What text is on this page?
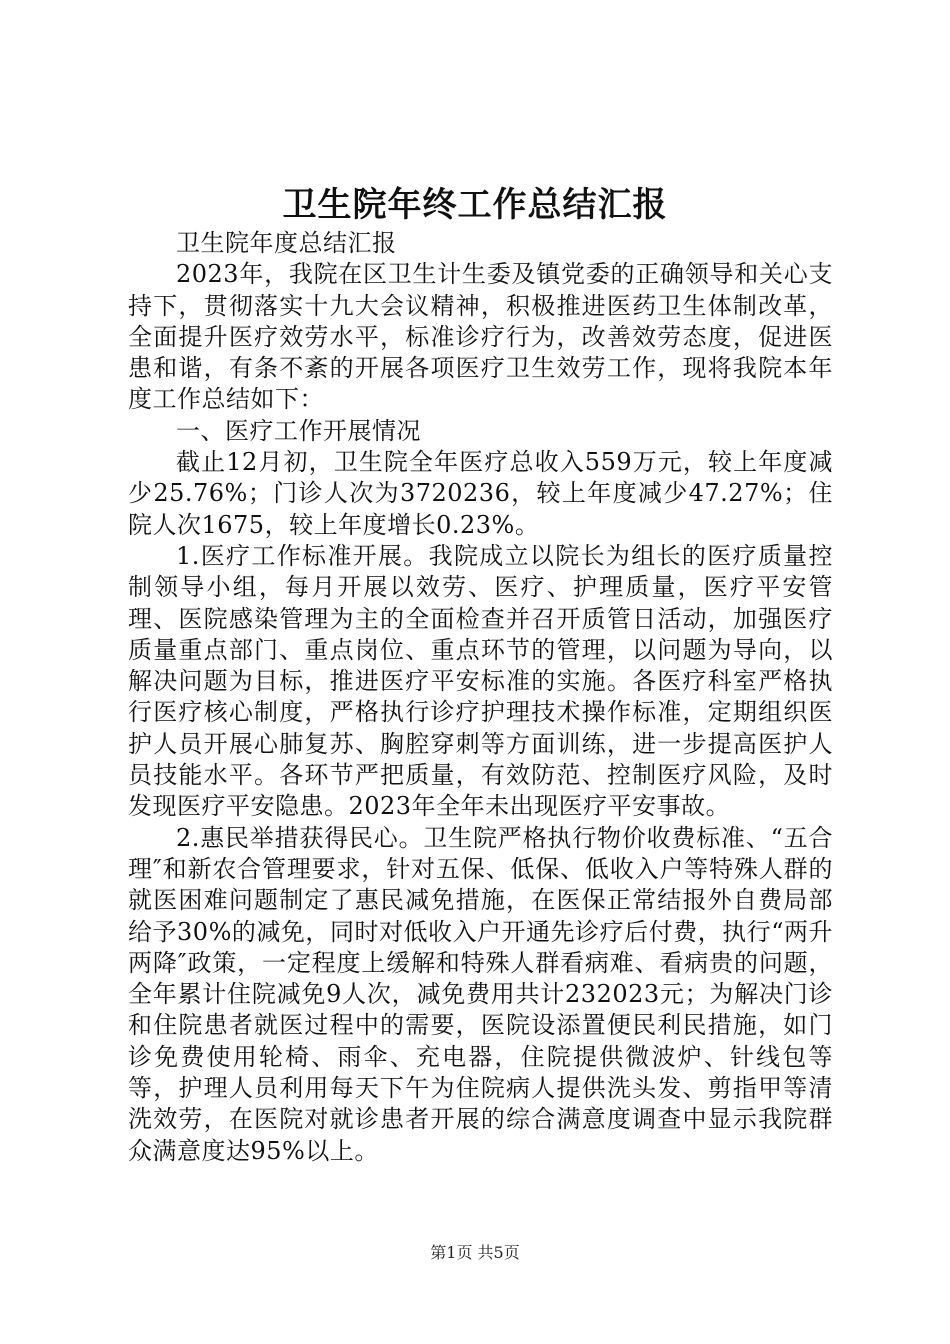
卫生院年终工作总结汇报

卫生院年度总结汇报

2023年，我院在区卫生计生委及镇党委的正确领导和关心支持下，贯彻落实十九大会议精神，积极推进医药卫生体制改革，全面提升医疗效劳水平，标准诊疗行为，改善效劳态度，促进医患和谐，有条不紊的开展各项医疗卫生效劳工作，现将我院本年度工作总结如下：

一、医疗工作开展情况

截止12月初，卫生院全年医疗总收入559万元，较上年度减少25.76%；门诊人次为3720236，较上年度减少47.27%；住院人次1675，较上年度增长0.23%。

1.医疗工作标准开展。我院成立以院长为组长的医疗质量控制领导小组，每月开展以效劳、医疗、护理质量，医疗平安管理、医院感染管理为主的全面检查并召开质管日活动，加强医疗质量重点部门、重点岗位、重点环节的管理，以问题为导向，以解决问题为目标，推进医疗平安标准的实施。各医疗科室严格执行医疗核心制度，严格执行诊疗护理技术操作标准，定期组织医护人员开展心肺复苏、胸腔穿刺等方面训练，进一步提高医护人员技能水平。各环节严把质量，有效防范、控制医疗风险，及时发现医疗平安隐患。2023年全年未出现医疗平安事故。

2.惠民举措获得民心。卫生院严格执行物价收费标准、“五合理″和新农合管理要求，针对五保、低保、低收入户等特殊人群的就医困难问题制定了惠民减免措施，在医保正常结报外自费局部给予30%的减免，同时对低收入户开通先诊疗后付费，执行“两升两降″政策，一定程度上缓解和特殊人群看病难、看病贵的问题，全年累计住院减免9人次，减免费用共计232023元；为解决门诊和住院患者就医过程中的需要，医院设添置便民利民措施，如门诊免费使用轮椅、雨伞、充电器，住院提供微波炉、针线包等等，护理人员利用每天下午为住院病人提供洗头发、剪指甲等清洗效劳，在医院对就诊患者开展的综合满意度调查中显示我院群众满意度达95%以上。

第1页 共5页
